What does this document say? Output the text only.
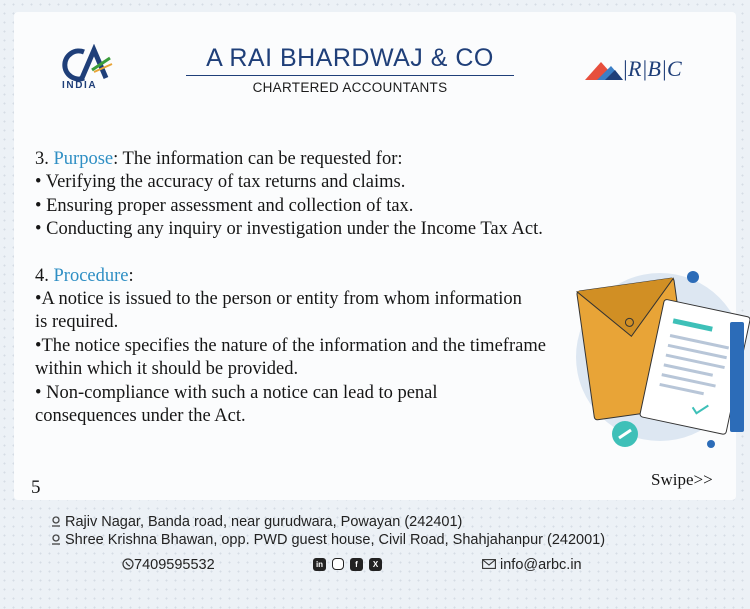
INDIA
A RAI BHARDWAJ & CO
CHARTERED ACCOUNTANTS
|R|B|C

3. Purpose: The information can be requested for:

• Verifying the accuracy of tax returns and claims.

• Ensuring proper assessment and collection of tax.

• Conducting any inquiry or investigation under the Income Tax Act.

4. Procedure:

•A notice is issued to the person or entity from whom information is required.

•The notice specifies the nature of the information and the timeframe within which it should be provided.

• Non-compliance with such a notice can lead to penal consequences under the Act.

5	Swipe>>
Rajiv Nagar, Banda road, near gurudwara, Powayan (242401)
Shree Krishna Bhawan, opp. PWD guest house, Civil Road, Shahjahanpur (242001)
7409595532	in	f	X	info@arbc.in
